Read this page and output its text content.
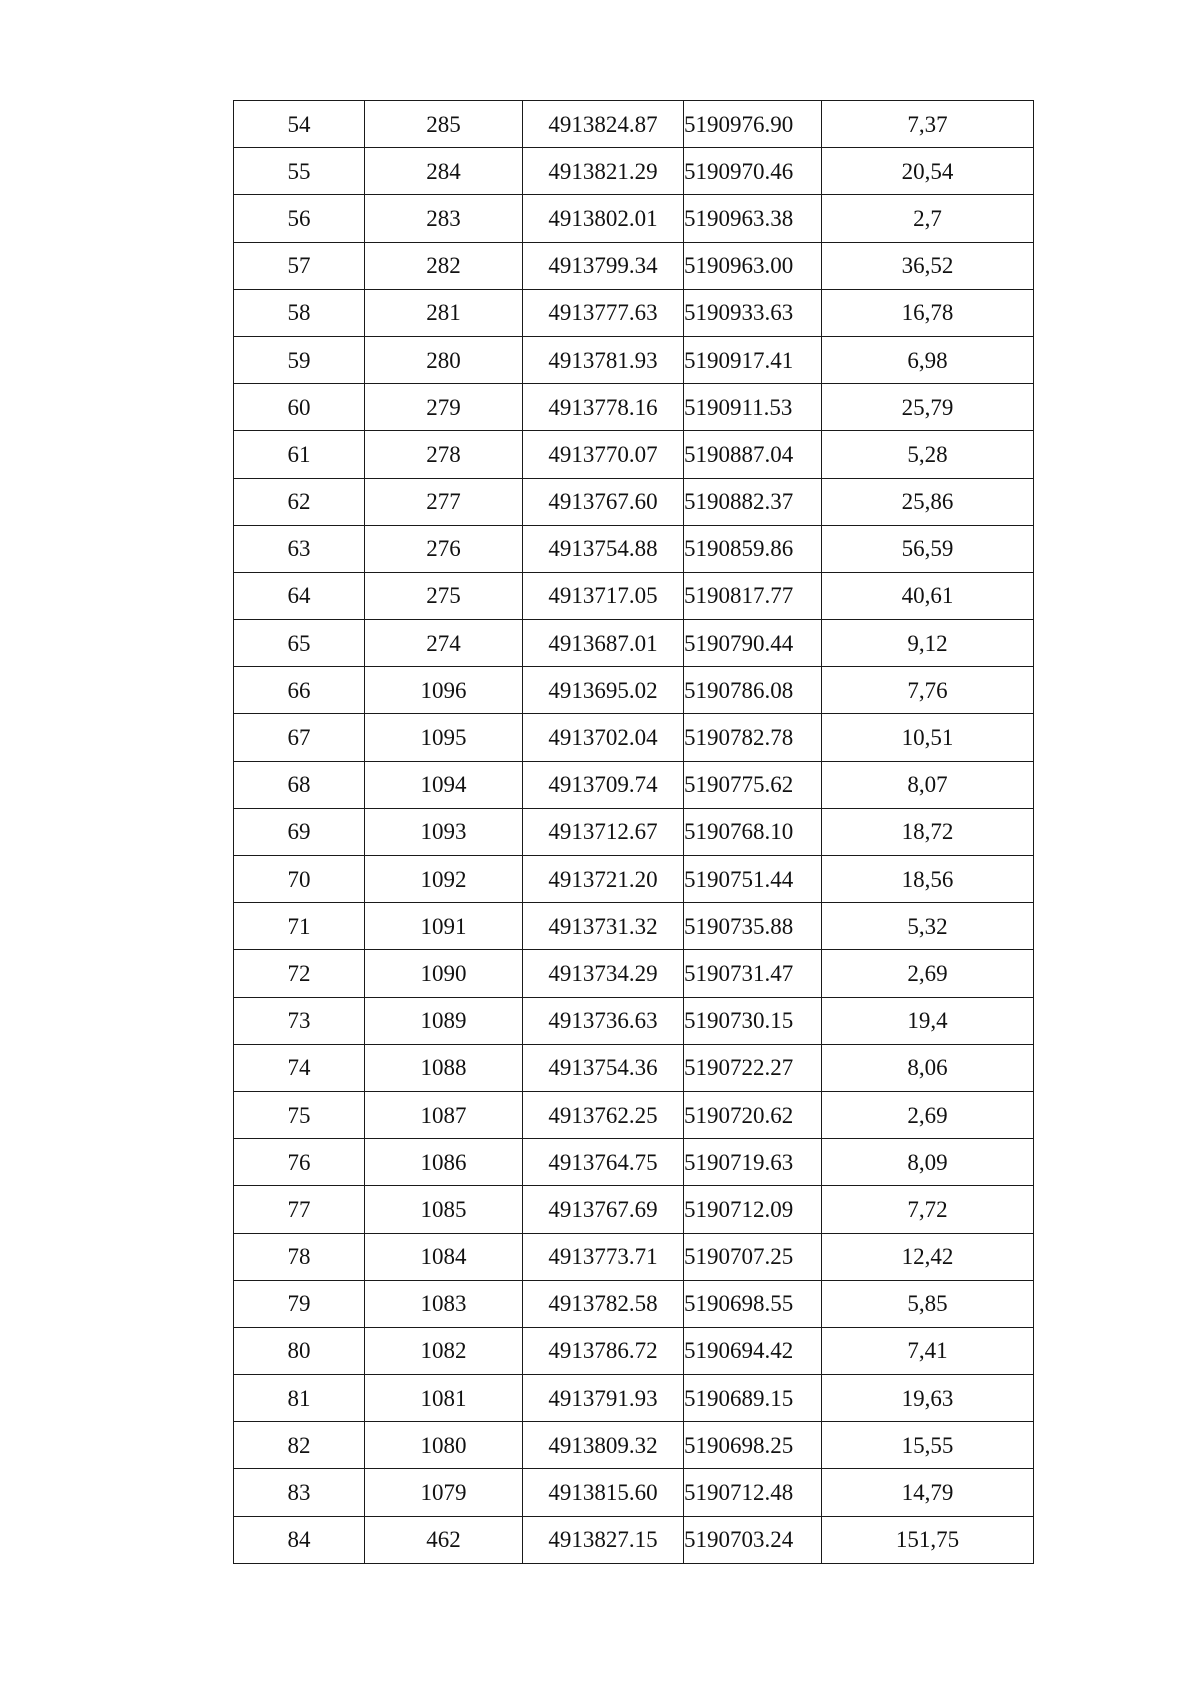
54	285	4913824.87	5190976.90	7,37
55	284	4913821.29	5190970.46	20,54
56	283	4913802.01	5190963.38	2,7
57	282	4913799.34	5190963.00	36,52
58	281	4913777.63	5190933.63	16,78
59	280	4913781.93	5190917.41	6,98
60	279	4913778.16	5190911.53	25,79
61	278	4913770.07	5190887.04	5,28
62	277	4913767.60	5190882.37	25,86
63	276	4913754.88	5190859.86	56,59
64	275	4913717.05	5190817.77	40,61
65	274	4913687.01	5190790.44	9,12
66	1096	4913695.02	5190786.08	7,76
67	1095	4913702.04	5190782.78	10,51
68	1094	4913709.74	5190775.62	8,07
69	1093	4913712.67	5190768.10	18,72
70	1092	4913721.20	5190751.44	18,56
71	1091	4913731.32	5190735.88	5,32
72	1090	4913734.29	5190731.47	2,69
73	1089	4913736.63	5190730.15	19,4
74	1088	4913754.36	5190722.27	8,06
75	1087	4913762.25	5190720.62	2,69
76	1086	4913764.75	5190719.63	8,09
77	1085	4913767.69	5190712.09	7,72
78	1084	4913773.71	5190707.25	12,42
79	1083	4913782.58	5190698.55	5,85
80	1082	4913786.72	5190694.42	7,41
81	1081	4913791.93	5190689.15	19,63
82	1080	4913809.32	5190698.25	15,55
83	1079	4913815.60	5190712.48	14,79
84	462	4913827.15	5190703.24	151,75
